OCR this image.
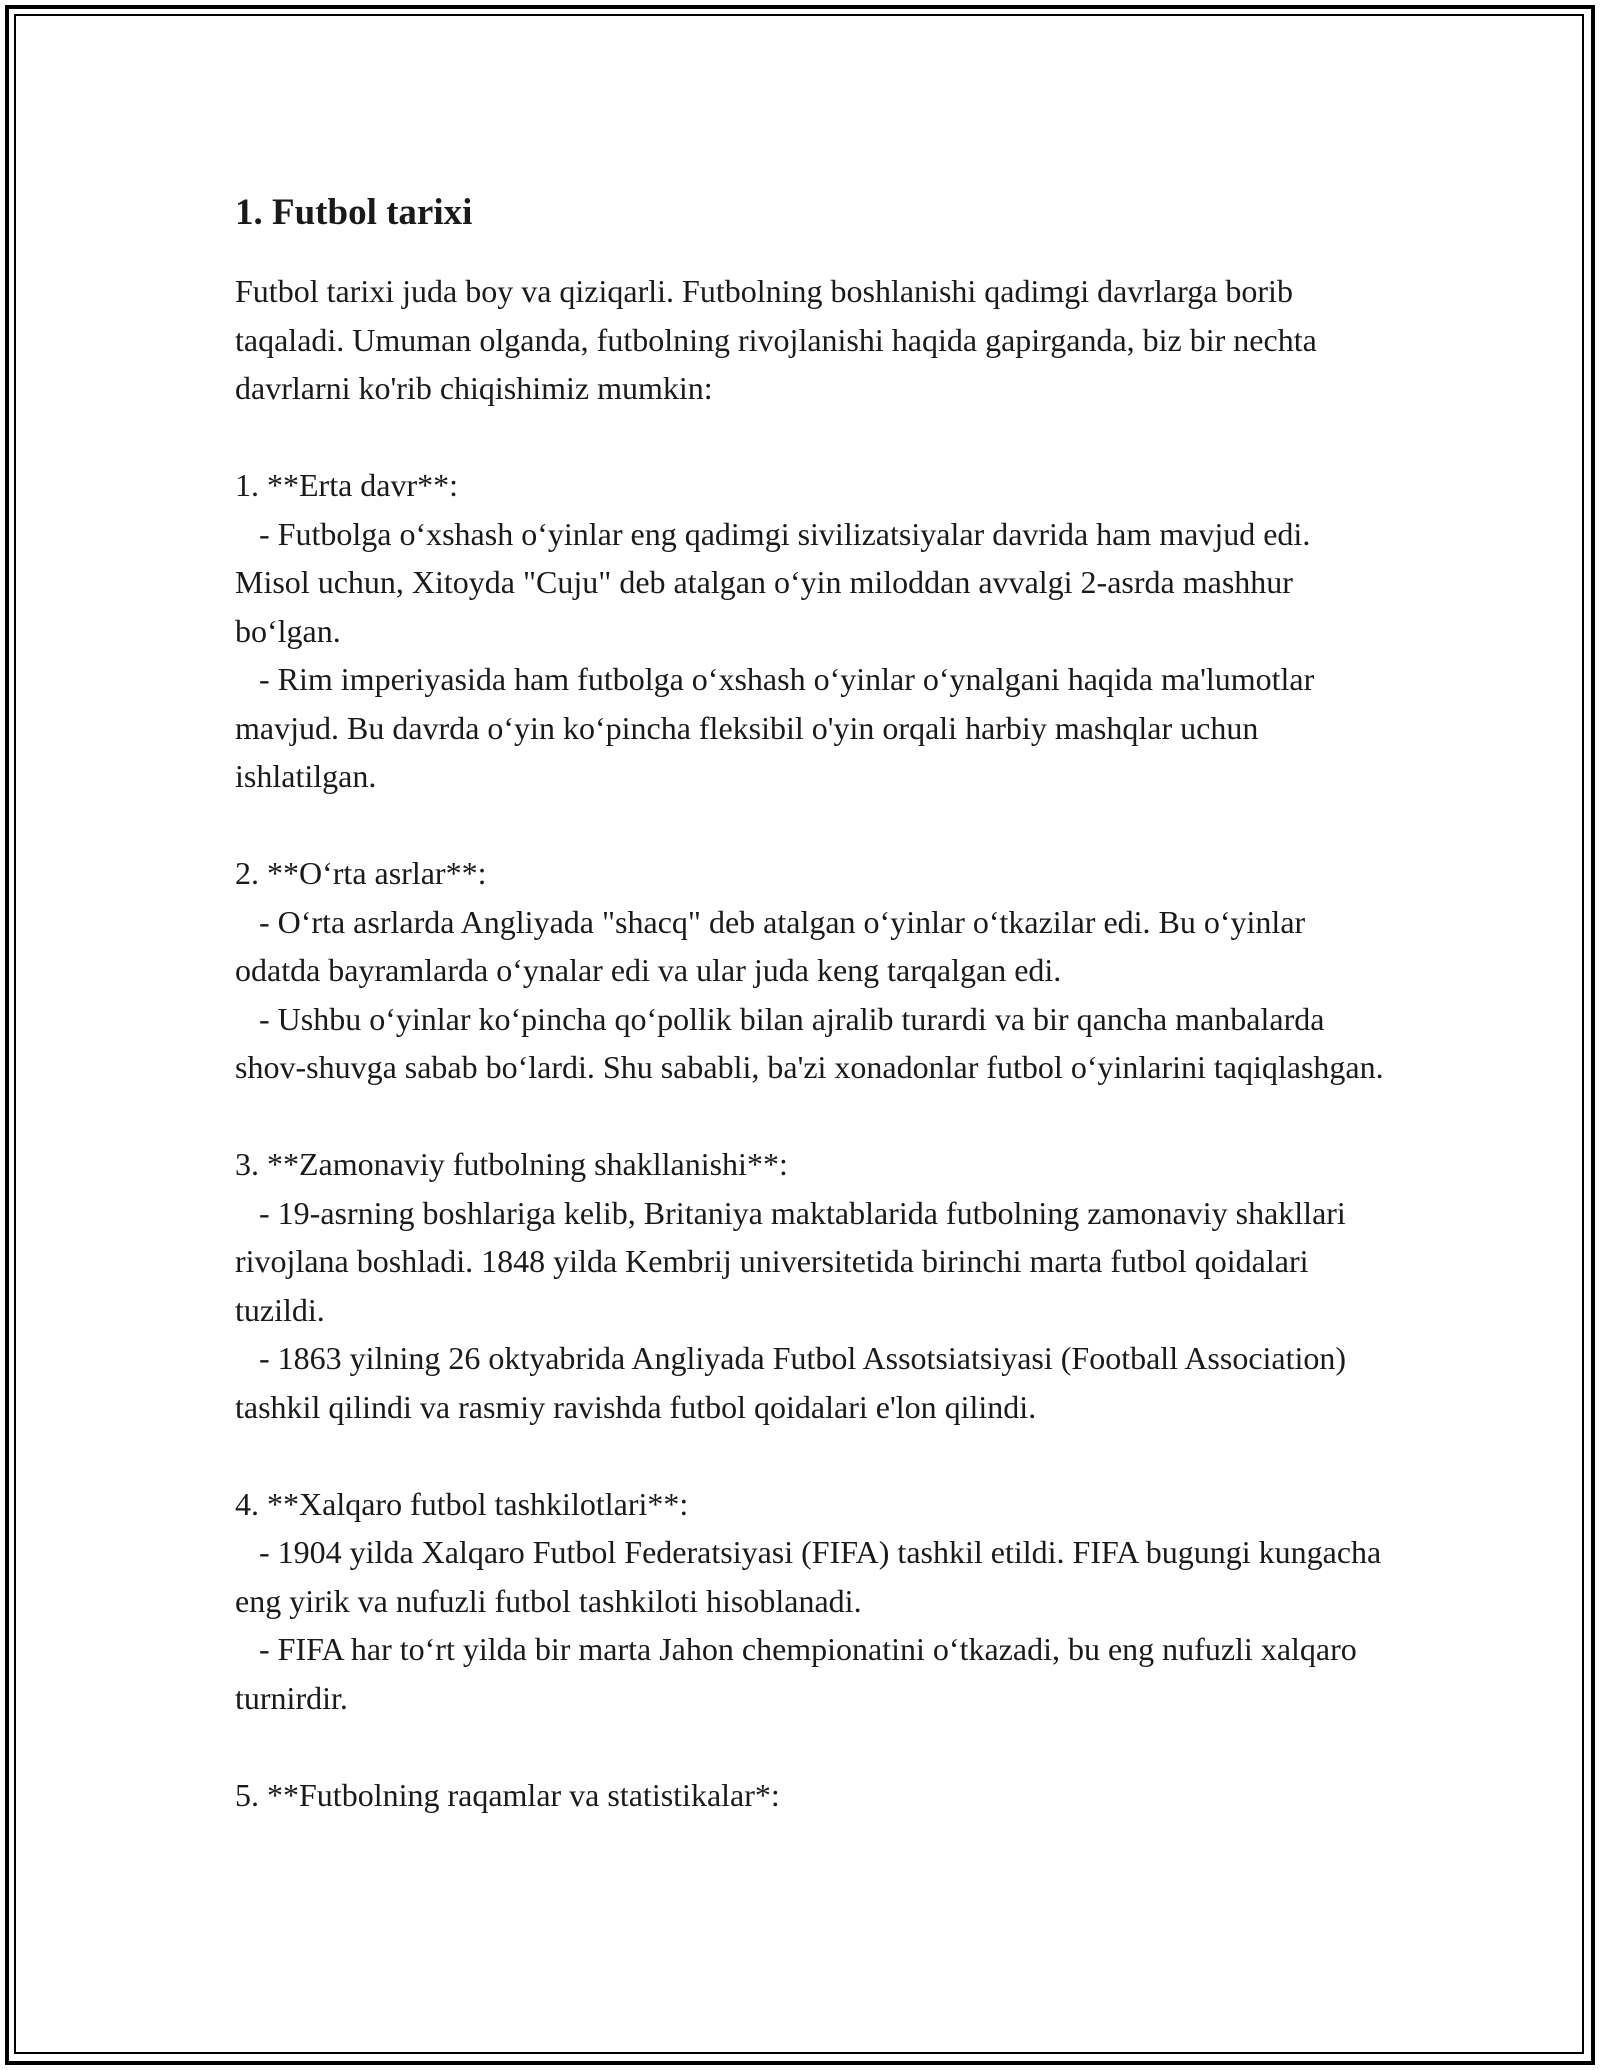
1. Futbol tarixi

Futbol tarixi juda boy va qiziqarli. Futbolning boshlanishi qadimgi davrlarga borib taqaladi. Umuman olganda, futbolning rivojlanishi haqida gapirganda, biz bir nechta davrlarni ko'rib chiqishimiz mumkin:

1. **Erta davr**:

- Futbolga oʻxshash oʻyinlar eng qadimgi sivilizatsiyalar davrida ham mavjud edi. Misol uchun, Xitoyda "Cuju" deb atalgan oʻyin miloddan avvalgi 2-asrda mashhur boʻlgan.

- Rim imperiyasida ham futbolga oʻxshash oʻyinlar oʻynalgani haqida ma'lumotlar mavjud. Bu davrda oʻyin koʻpincha fleksibil o'yin orqali harbiy mashqlar uchun ishlatilgan.

2. **Oʻrta asrlar**:

- Oʻrta asrlarda Angliyada "shacq" deb atalgan oʻyinlar oʻtkazilar edi. Bu oʻyinlar odatda bayramlarda oʻynalar edi va ular juda keng tarqalgan edi.

- Ushbu oʻyinlar koʻpincha qoʻpollik bilan ajralib turardi va bir qancha manbalarda shov-shuvga sabab boʻlardi. Shu sababli, ba'zi xonadonlar futbol oʻyinlarini taqiqlashgan.

3. **Zamonaviy futbolning shakllanishi**:

- 19-asrning boshlariga kelib, Britaniya maktablarida futbolning zamonaviy shakllari rivojlana boshladi. 1848 yilda Kembrij universitetida birinchi marta futbol qoidalari tuzildi.

- 1863 yilning 26 oktyabrida Angliyada Futbol Assotsiatsiyasi (Football Association) tashkil qilindi va rasmiy ravishda futbol qoidalari e'lon qilindi.

4. **Xalqaro futbol tashkilotlari**:

- 1904 yilda Xalqaro Futbol Federatsiyasi (FIFA) tashkil etildi. FIFA bugungi kungacha eng yirik va nufuzli futbol tashkiloti hisoblanadi.

- FIFA har toʻrt yilda bir marta Jahon chempionatini oʻtkazadi, bu eng nufuzli xalqaro turnirdir.

5. **Futbolning raqamlar va statistikalar*:
